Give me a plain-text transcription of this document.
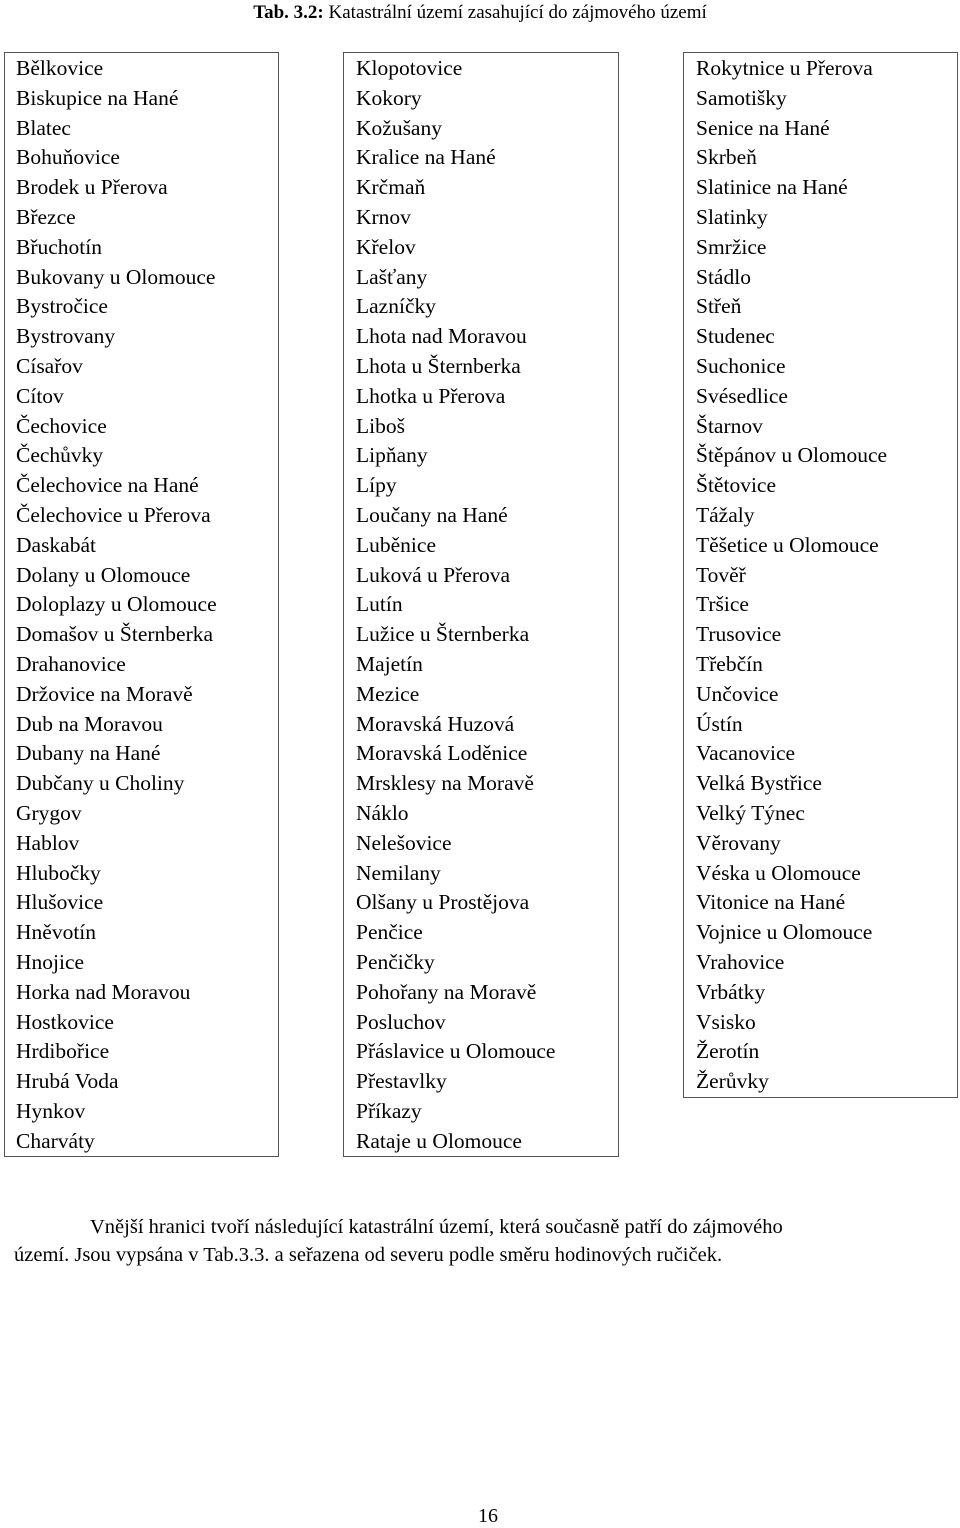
Tab. 3.2: Katastrální území zasahující do zájmového území
Bělkovice
Biskupice na Hané
Blatec
Bohuňovice
Brodek u Přerova
Březce
Břuchotín
Bukovany u Olomouce
Bystročice
Bystrovany
Císařov
Cítov
Čechovice
Čechůvky
Čelechovice na Hané
Čelechovice u Přerova
Daskabát
Dolany u Olomouce
Doloplazy u Olomouce
Domašov u Šternberka
Drahanovice
Držovice na Moravě
Dub na Moravou
Dubany na Hané
Dubčany u Choliny
Grygov
Hablov
Hlubočky
Hlušovice
Hněvotín
Hnojice
Horka nad Moravou
Hostkovice
Hrdibořice
Hrubá Voda
Hynkov
Charváty
Klopotovice
Kokory
Kožušany
Kralice na Hané
Krčmaň
Krnov
Křelov
Lašťany
Lazníčky
Lhota nad Moravou
Lhota u Šternberka
Lhotka u Přerova
Liboš
Lipňany
Lípy
Loučany na Hané
Luběnice
Luková u Přerova
Lutín
Lužice u Šternberka
Majetín
Mezice
Moravská Huzová
Moravská Loděnice
Mrsklesy na Moravě
Náklo
Nelešovice
Nemilany
Olšany u Prostějova
Penčice
Penčičky
Pohořany na Moravě
Posluchov
Přáslavice u Olomouce
Přestavlky
Příkazy
Rataje u Olomouce
Rokytnice u Přerova
Samotišky
Senice na Hané
Skrbeň
Slatinice na Hané
Slatinky
Smržice
Stádlo
Střeň
Studenec
Suchonice
Svésedlice
Štarnov
Štěpánov u Olomouce
Štětovice
Tážaly
Těšetice u Olomouce
Tověř
Tršice
Trusovice
Třebčín
Unčovice
Ústín
Vacanovice
Velká Bystřice
Velký Týnec
Věrovany
Véska u Olomouce
Vitonice na Hané
Vojnice u Olomouce
Vrahovice
Vrbátky
Vsisko
Žerotín
Žerůvky
Vnější hranici tvoří následující katastrální území, která současně patří do zájmového
území. Jsou vypsána v Tab.3.3. a seřazena od severu podle směru hodinových ručiček.
16
